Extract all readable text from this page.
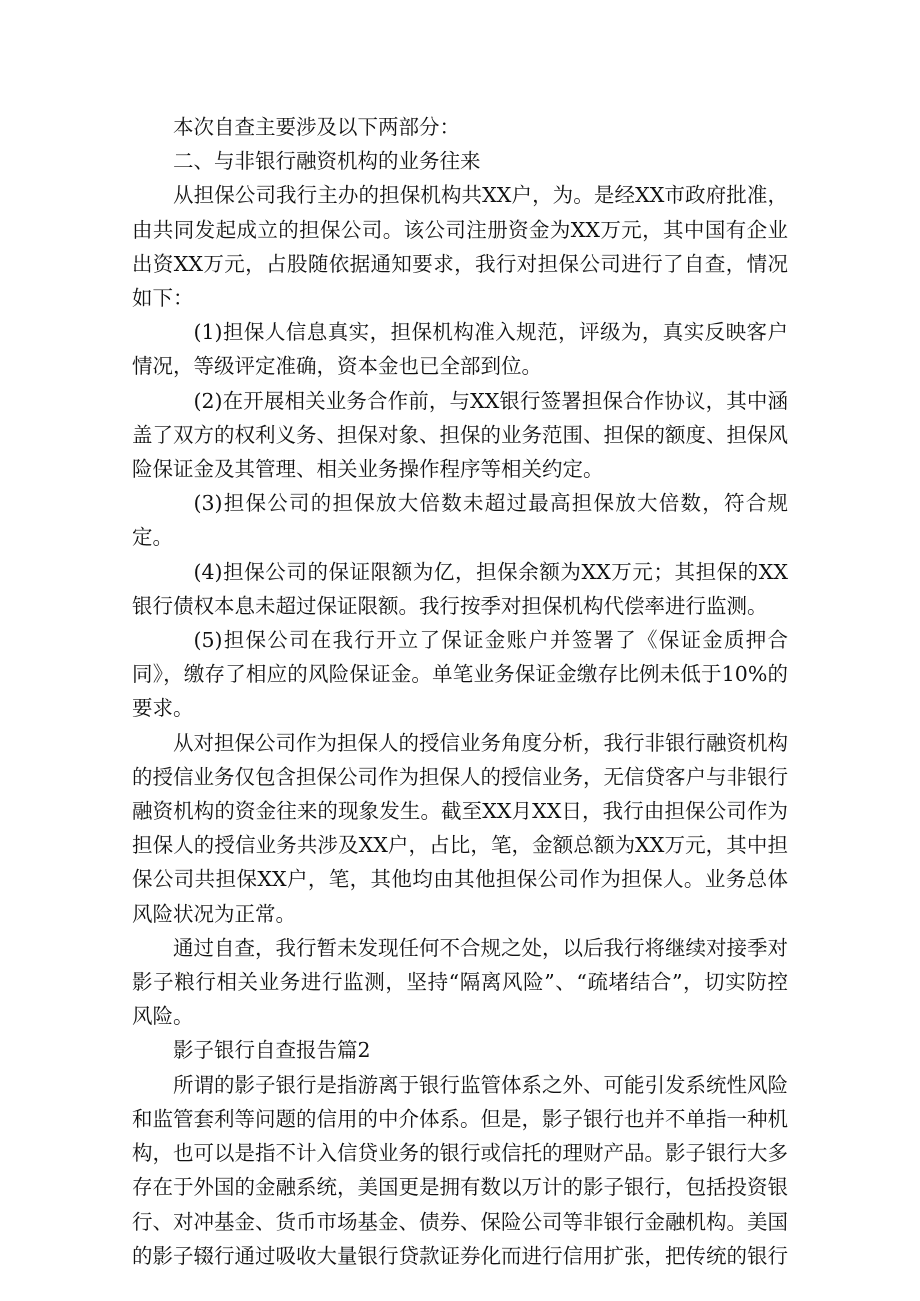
本次自查主要涉及以下两部分：

二、与非银行融资机构的业务往来

从担保公司我行主办的担保机构共XX户，为。是经XX市政府批准，由共同发起成立的担保公司。该公司注册资金为XX万元，其中国有企业出资XX万元，占股随依据通知要求，我行对担保公司进行了自查，情况如下：

(1)担保人信息真实，担保机构准入规范，评级为，真实反映客户情况，等级评定准确，资本金也已全部到位。

(2)在开展相关业务合作前，与XX银行签署担保合作协议，其中涵盖了双方的权利义务、担保对象、担保的业务范围、担保的额度、担保风险保证金及其管理、相关业务操作程序等相关约定。

(3)担保公司的担保放大倍数未超过最高担保放大倍数，符合规定。

(4)担保公司的保证限额为亿，担保余额为XX万元；其担保的XX银行债权本息未超过保证限额。我行按季对担保机构代偿率进行监测。

(5)担保公司在我行开立了保证金账户并签署了《保证金质押合同》，缴存了相应的风险保证金。单笔业务保证金缴存比例未低于10%的要求。

从对担保公司作为担保人的授信业务角度分析，我行非银行融资机构的授信业务仅包含担保公司作为担保人的授信业务，无信贷客户与非银行融资机构的资金往来的现象发生。截至XX月XX日，我行由担保公司作为担保人的授信业务共涉及XX户，占比，笔，金额总额为XX万元，其中担保公司共担保XX户，笔，其他均由其他担保公司作为担保人。业务总体风险状况为正常。

通过自查，我行暂未发现任何不合规之处，以后我行将继续对接季对影子粮行相关业务进行监测，坚持“隔离风险”、“疏堵结合”，切实防控风险。

影子银行自查报告篇2

所谓的影子银行是指游离于银行监管体系之外、可能引发系统性风险和监管套利等问题的信用的中介体系。但是，影子银行也并不单指一种机构，也可以是指不计入信贷业务的银行或信托的理财产品。影子银行大多存在于外国的金融系统，美国更是拥有数以万计的影子银行，包括投资银行、对冲基金、货币市场基金、债券、保险公司等非银行金融机构。美国的影子辍行通过吸收大量银行贷款证券化而进行信用扩张，把传统的银行
